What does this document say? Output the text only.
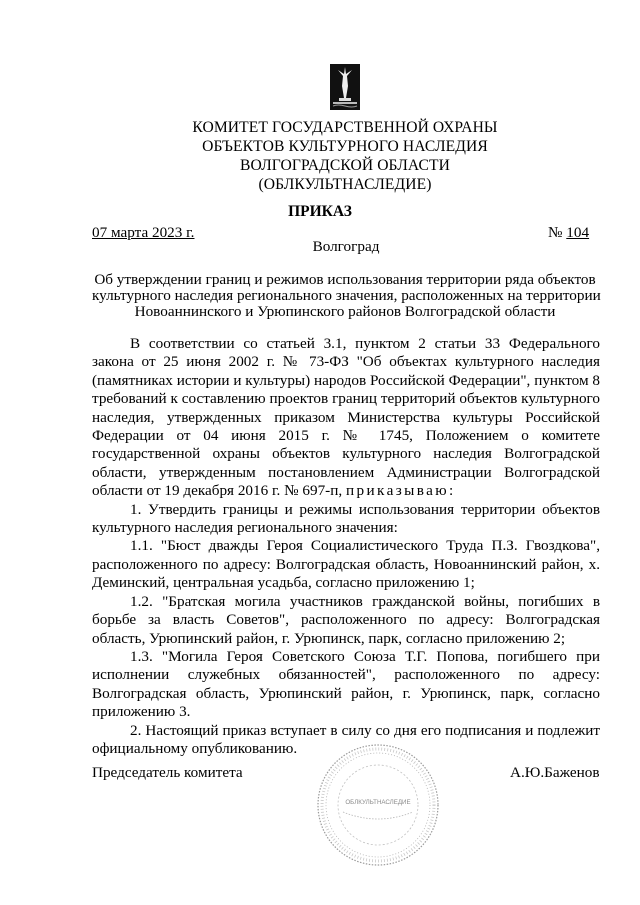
КОМИТЕТ ГОСУДАРСТВЕННОЙ ОХРАНЫ
ОБЪЕКТОВ КУЛЬТУРНОГО НАСЛЕДИЯ
ВОЛГОГРАДСКОЙ ОБЛАСТИ
(ОБЛКУЛЬТНАСЛЕДИЕ)
ПРИКАЗ
07 марта 2023 г.	№ 104
Волгоград
Об утверждении границ и режимов использования территории ряда объектов
культурного наследия регионального значения, расположенных на территории
Новоаннинского и Урюпинского районов Волгоградской области

В соответствии со статьей 3.1, пунктом 2 статьи 33 Федерального закона от 25 июня 2002 г. № 73-ФЗ "Об объектах культурного наследия (памятниках истории и культуры) народов Российской Федерации", пунктом 8 требований к составлению проектов границ территорий объектов культурного наследия, утвержденных приказом Министерства культуры Российской Федерации от 04 июня 2015 г. № 1745, Положением о комитете государственной охраны объектов культурного наследия Волгоградской области, утвержденным постановлением Администрации Волгоградской области от 19 декабря 2016 г. № 697-п, приказываю:

1. Утвердить границы и режимы использования территории объектов культурного наследия регионального значения:

1.1. "Бюст дважды Героя Социалистического Труда П.З. Гвоздкова", расположенного по адресу: Волгоградская область, Новоаннинский район, х. Деминский, центральная усадьба, согласно приложению 1;

1.2. "Братская могила участников гражданской войны, погибших в борьбе за власть Советов", расположенного по адресу: Волгоградская область, Урюпинский район, г. Урюпинск, парк, согласно приложению 2;

1.3. "Могила Героя Советского Союза Т.Г. Попова, погибшего при исполнении служебных обязанностей", расположенного по адресу: Волгоградская область, Урюпинский район, г. Урюпинск, парк, согласно приложению 3.

2. Настоящий приказ вступает в силу со дня его подписания и подлежит официальному опубликованию.

ОБЛКУЛЬТНАСЛЕДИЕ
Председатель комитета	А.Ю.Баженов
